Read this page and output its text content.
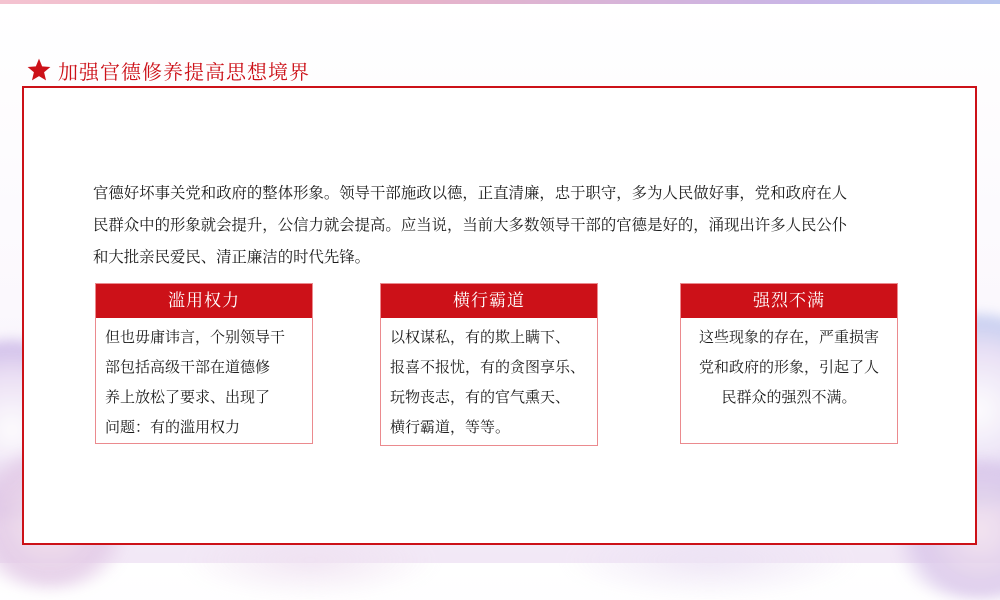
加强官德修养提高思想境界
官德好坏事关党和政府的整体形象。领导干部施政以德，正直清廉，忠于职守，多为人民做好事，党和政府在人
民群众中的形象就会提升，公信力就会提高。应当说，当前大多数领导干部的官德是好的，涌现出许多人民公仆
和大批亲民爱民、清正廉洁的时代先锋。
滥用权力
但也毋庸讳言，个别领导干
部包括高级干部在道德修
养上放松了要求、出现了
问题：有的滥用权力
横行霸道
以权谋私，有的欺上瞒下、
报喜不报忧，有的贪图享乐、
玩物丧志，有的官气熏天、
横行霸道，等等。
强烈不满
这些现象的存在，严重损害
党和政府的形象，引起了人
民群众的强烈不满。
